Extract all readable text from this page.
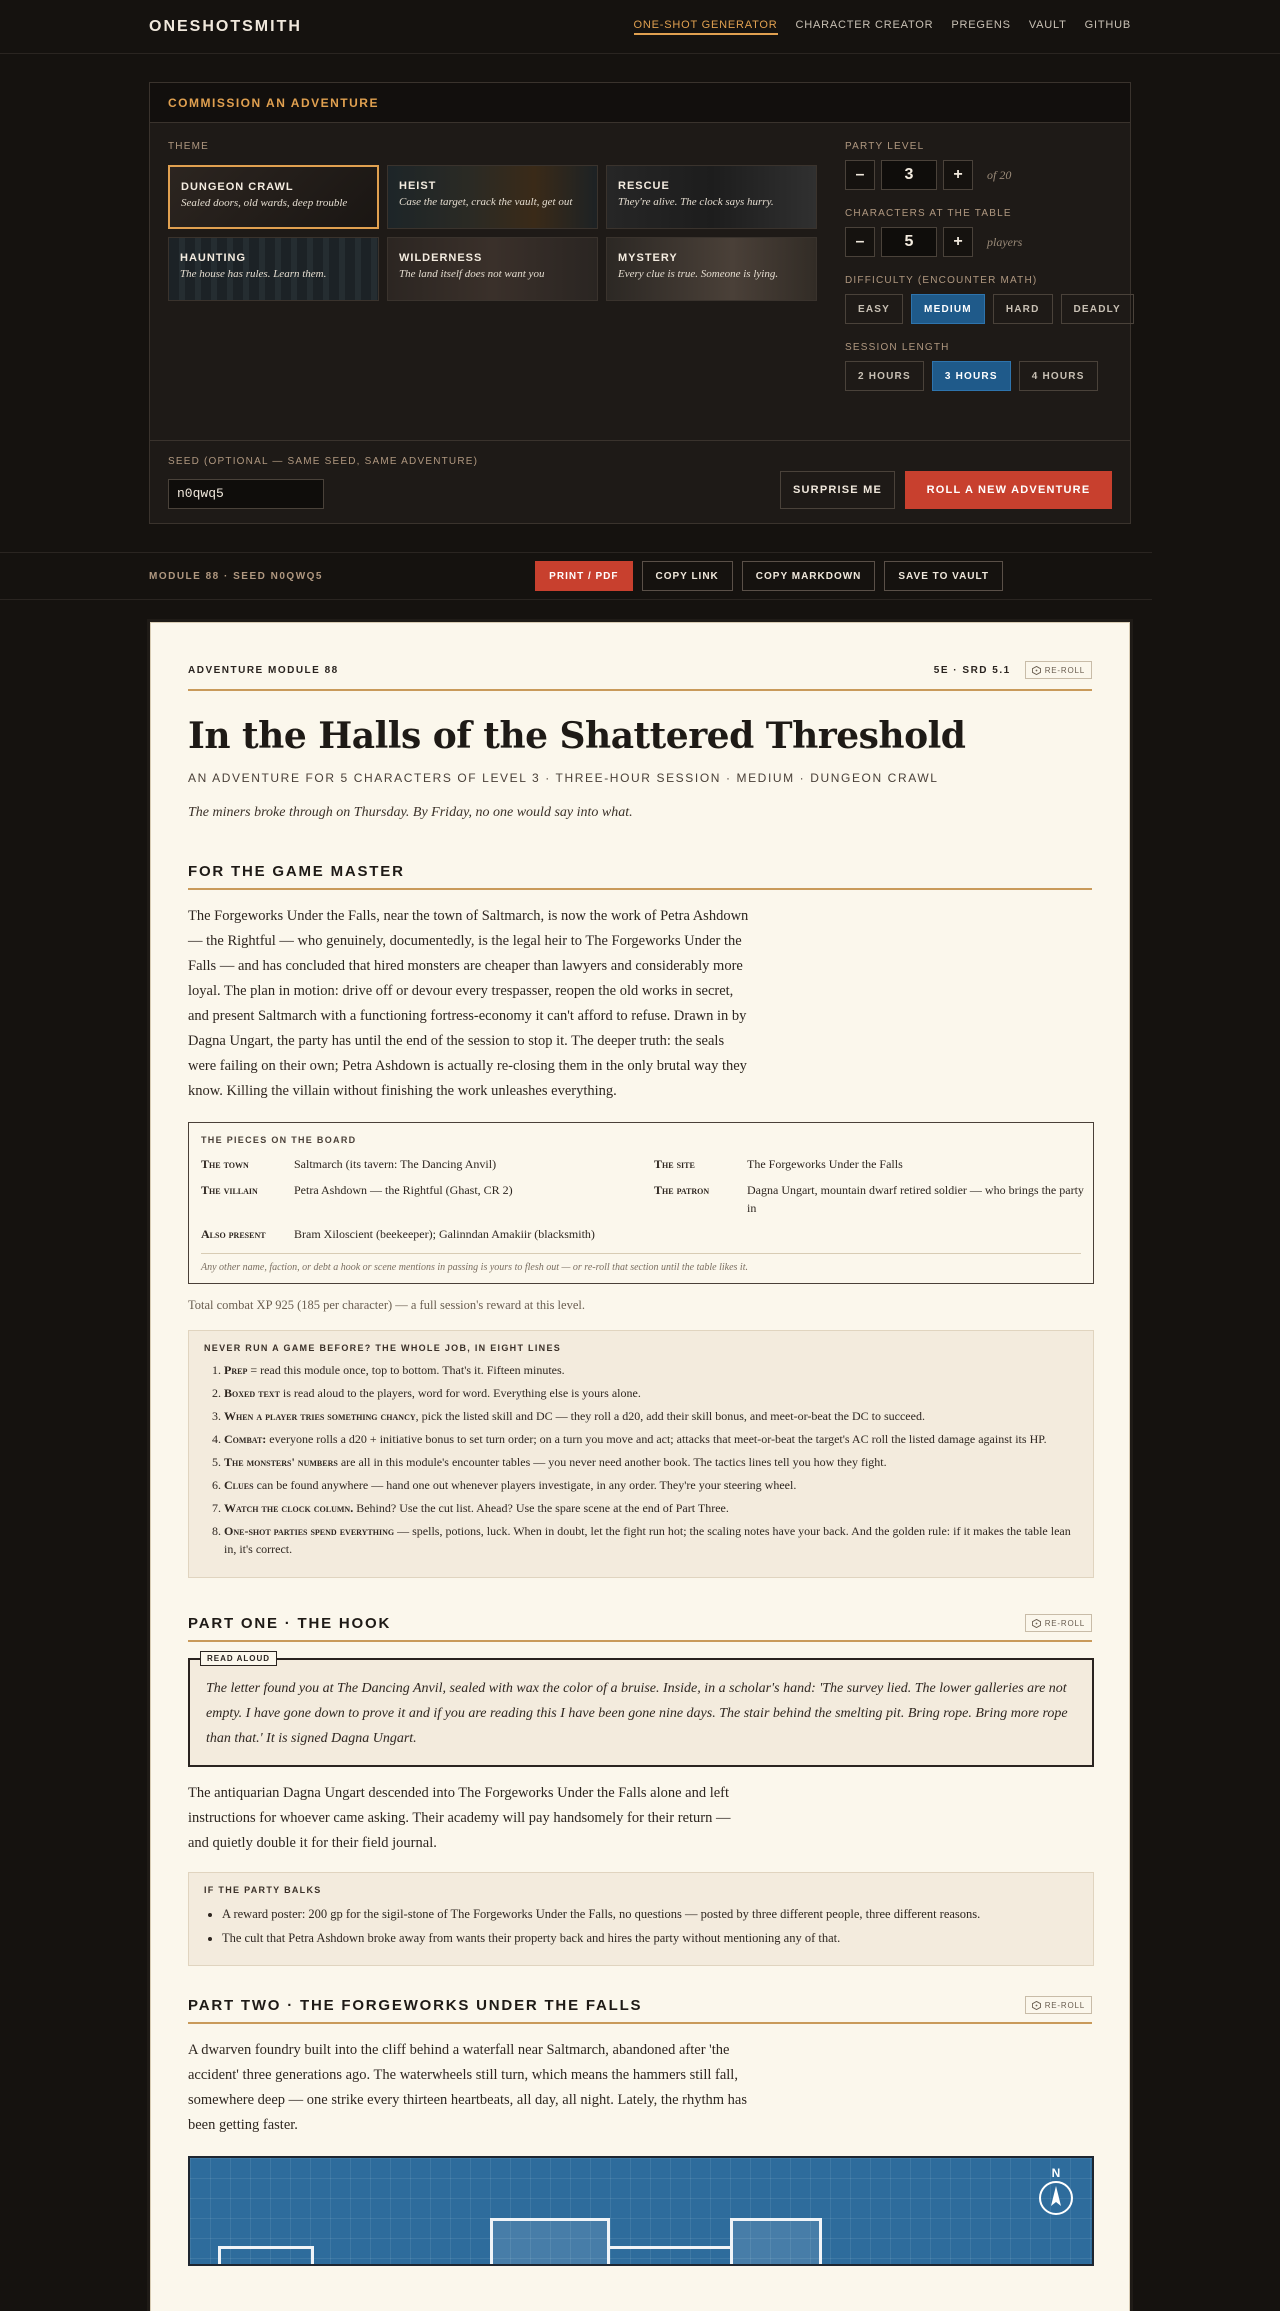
ONESHOTSMITH	ONE-SHOT GENERATOR CHARACTER CREATOR PREGENS VAULT GITHUB
COMMISSION AN ADVENTURE
THEME
DUNGEON CRAWL
Sealed doors, old wards, deep trouble
HEIST
Case the target, crack the vault, get out
RESCUE
They're alive. The clock says hurry.
HAUNTING
The house has rules. Learn them.
WILDERNESS
The land itself does not want you
MYSTERY
Every clue is true. Someone is lying.
PARTY LEVEL
–	3	+	of 20
CHARACTERS AT THE TABLE
–	5	+	players
DIFFICULTY (ENCOUNTER MATH)
EASY	MEDIUM	HARD	DEADLY
SESSION LENGTH
2 HOURS	3 HOURS	4 HOURS
SEED (OPTIONAL — SAME SEED, SAME ADVENTURE)
n0qwq5	SURPRISE ME	ROLL A NEW ADVENTURE
MODULE 88 · SEED N0QWQ5	PRINT / PDF	COPY LINK	COPY MARKDOWN	SAVE TO VAULT
ADVENTURE MODULE 88	5E · SRD 5.1	RE-ROLL
In the Halls of the Shattered Threshold
AN ADVENTURE FOR 5 CHARACTERS OF LEVEL 3 · THREE-HOUR SESSION · MEDIUM · DUNGEON CRAWL
The miners broke through on Thursday. By Friday, no one would say into what.
FOR THE GAME MASTER

The Forgeworks Under the Falls, near the town of Saltmarch, is now the work of Petra Ashdown — the Rightful — who genuinely, documentedly, is the legal heir to The Forgeworks Under the Falls — and has concluded that hired monsters are cheaper than lawyers and considerably more loyal. The plan in motion: drive off or devour every trespasser, reopen the old works in secret, and present Saltmarch with a functioning fortress-economy it can't afford to refuse. Drawn in by Dagna Ungart, the party has until the end of the session to stop it. The deeper truth: the seals were failing on their own; Petra Ashdown is actually re-closing them in the only brutal way they know. Killing the villain without finishing the work unleashes everything.

THE PIECES ON THE BOARD
The town	Saltmarch (its tavern: The Dancing Anvil)	The site	The Forgeworks Under the Falls
The villain	Petra Ashdown — the Rightful (Ghast, CR 2)	The patron	Dagna Ungart, mountain dwarf retired soldier — who brings the party in
Also present	Bram Xiloscient (beekeeper); Galinndan Amakiir (blacksmith)
Any other name, faction, or debt a hook or scene mentions in passing is yours to flesh out — or re-roll that section until the table likes it.
Total combat XP 925 (185 per character) — a full session's reward at this level.
NEVER RUN A GAME BEFORE? THE WHOLE JOB, IN EIGHT LINES
1. Prep = read this module once, top to bottom. That's it. Fifteen minutes.
2. Boxed text is read aloud to the players, word for word. Everything else is yours alone.
3. When a player tries something chancy, pick the listed skill and DC — they roll a d20, add their skill bonus, and meet-or-beat the DC to succeed.
4. Combat: everyone rolls a d20 + initiative bonus to set turn order; on a turn you move and act; attacks that meet-or-beat the target's AC roll the listed damage against its HP.
5. The monsters' numbers are all in this module's encounter tables — you never need another book. The tactics lines tell you how they fight.
6. Clues can be found anywhere — hand one out whenever players investigate, in any order. They're your steering wheel.
7. Watch the clock column. Behind? Use the cut list. Ahead? Use the spare scene at the end of Part Three.
8. One-shot parties spend everything — spells, potions, luck. When in doubt, let the fight run hot; the scaling notes have your back. And the golden rule: if it makes the table lean in, it's correct.
PART ONE · THE HOOK	RE-ROLL
READ ALOUD

The letter found you at The Dancing Anvil, sealed with wax the color of a bruise. Inside, in a scholar's hand: 'The survey lied. The lower galleries are not empty. I have gone down to prove it and if you are reading this I have been gone nine days. The stair behind the smelting pit. Bring rope. Bring more rope than that.' It is signed Dagna Ungart.

The antiquarian Dagna Ungart descended into The Forgeworks Under the Falls alone and left instructions for whoever came asking. Their academy will pay handsomely for their return — and quietly double it for their field journal.

IF THE PARTY BALKS
• A reward poster: 200 gp for the sigil-stone of The Forgeworks Under the Falls, no questions — posted by three different people, three different reasons.
• The cult that Petra Ashdown broke away from wants their property back and hires the party without mentioning any of that.
PART TWO · THE FORGEWORKS UNDER THE FALLS	RE-ROLL

A dwarven foundry built into the cliff behind a waterfall near Saltmarch, abandoned after 'the accident' three generations ago. The waterwheels still turn, which means the hammers still fall, somewhere deep — one strike every thirteen heartbeats, all day, all night. Lately, the rhythm has been getting faster.

N
